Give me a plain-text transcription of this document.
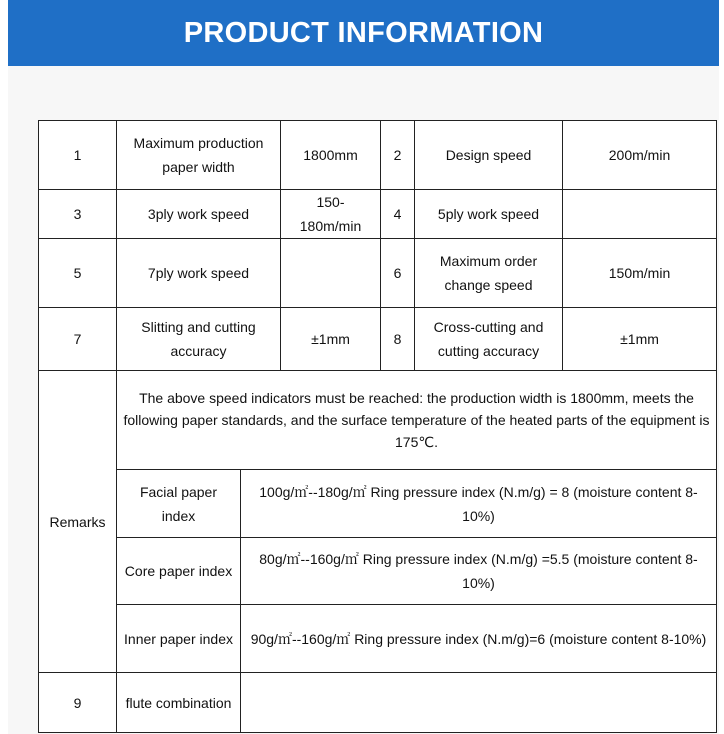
PRODUCT INFORMATION
1	Maximum production paper width		1800mm	2	Design speed	200m/min
3	3ply work speed		150-180m/min	4	5ply work speed	
5	7ply work speed			6	Maximum order change speed	150m/min
7	Slitting and cutting accuracy		±1mm	8	Cross-cutting and cutting accuracy	±1mm
Remarks	The above speed indicators must be reached: the production width is 1800mm, meets the following paper standards, and the surface temperature of the heated parts of the equipment is 175℃.					
	Facial paper index	100g/㎡--180g/㎡ Ring pressure index (N.m/g) = 8 (moisture content 8-10%)				
	Core paper index	80g/㎡--160g/㎡ Ring pressure index (N.m/g) =5.5 (moisture content 8-10%)				
	Inner paper index	90g/㎡--160g/㎡ Ring pressure index (N.m/g)=6 (moisture content 8-10%)				
9	flute combination					
